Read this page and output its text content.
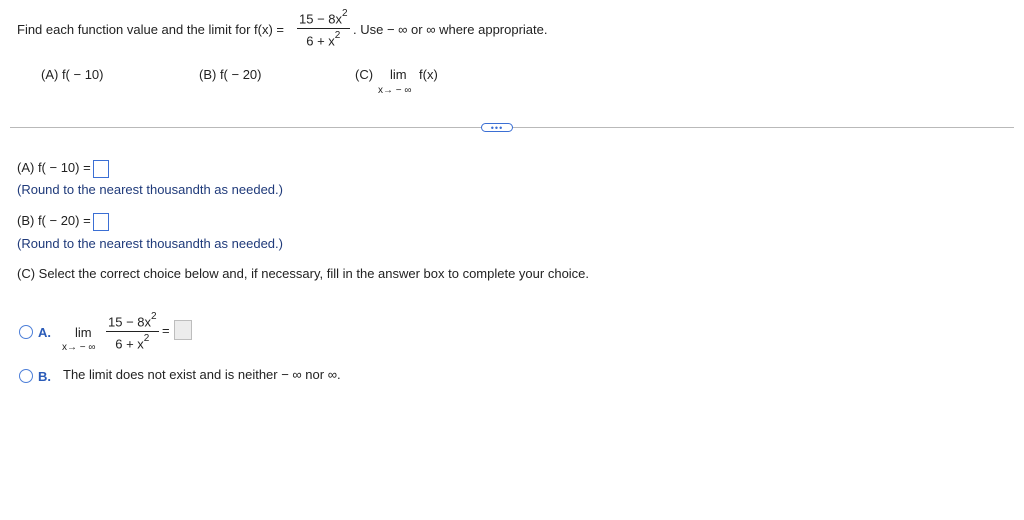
Find each function value and the limit for $f(x) = \frac{15 - 8x^2}{6 + x^2}$ . Use − ∞ or ∞ where appropriate.
(A) f( − 10)	(B) f( − 20)	(C) lim f(x)
x→ − ∞
•••
(A) f( − 10) =
(Round to the nearest thousandth as needed.)
(B) f( − 20) =
(Round to the nearest thousandth as needed.)
(C) Select the correct choice below and, if necessary, fill in the answer box to complete your choice.
A. lim
x→ − ∞ $\frac{15 - 8x^2}{6 + x^2}$ =
B. The limit does not exist and is neither − ∞ nor ∞.
